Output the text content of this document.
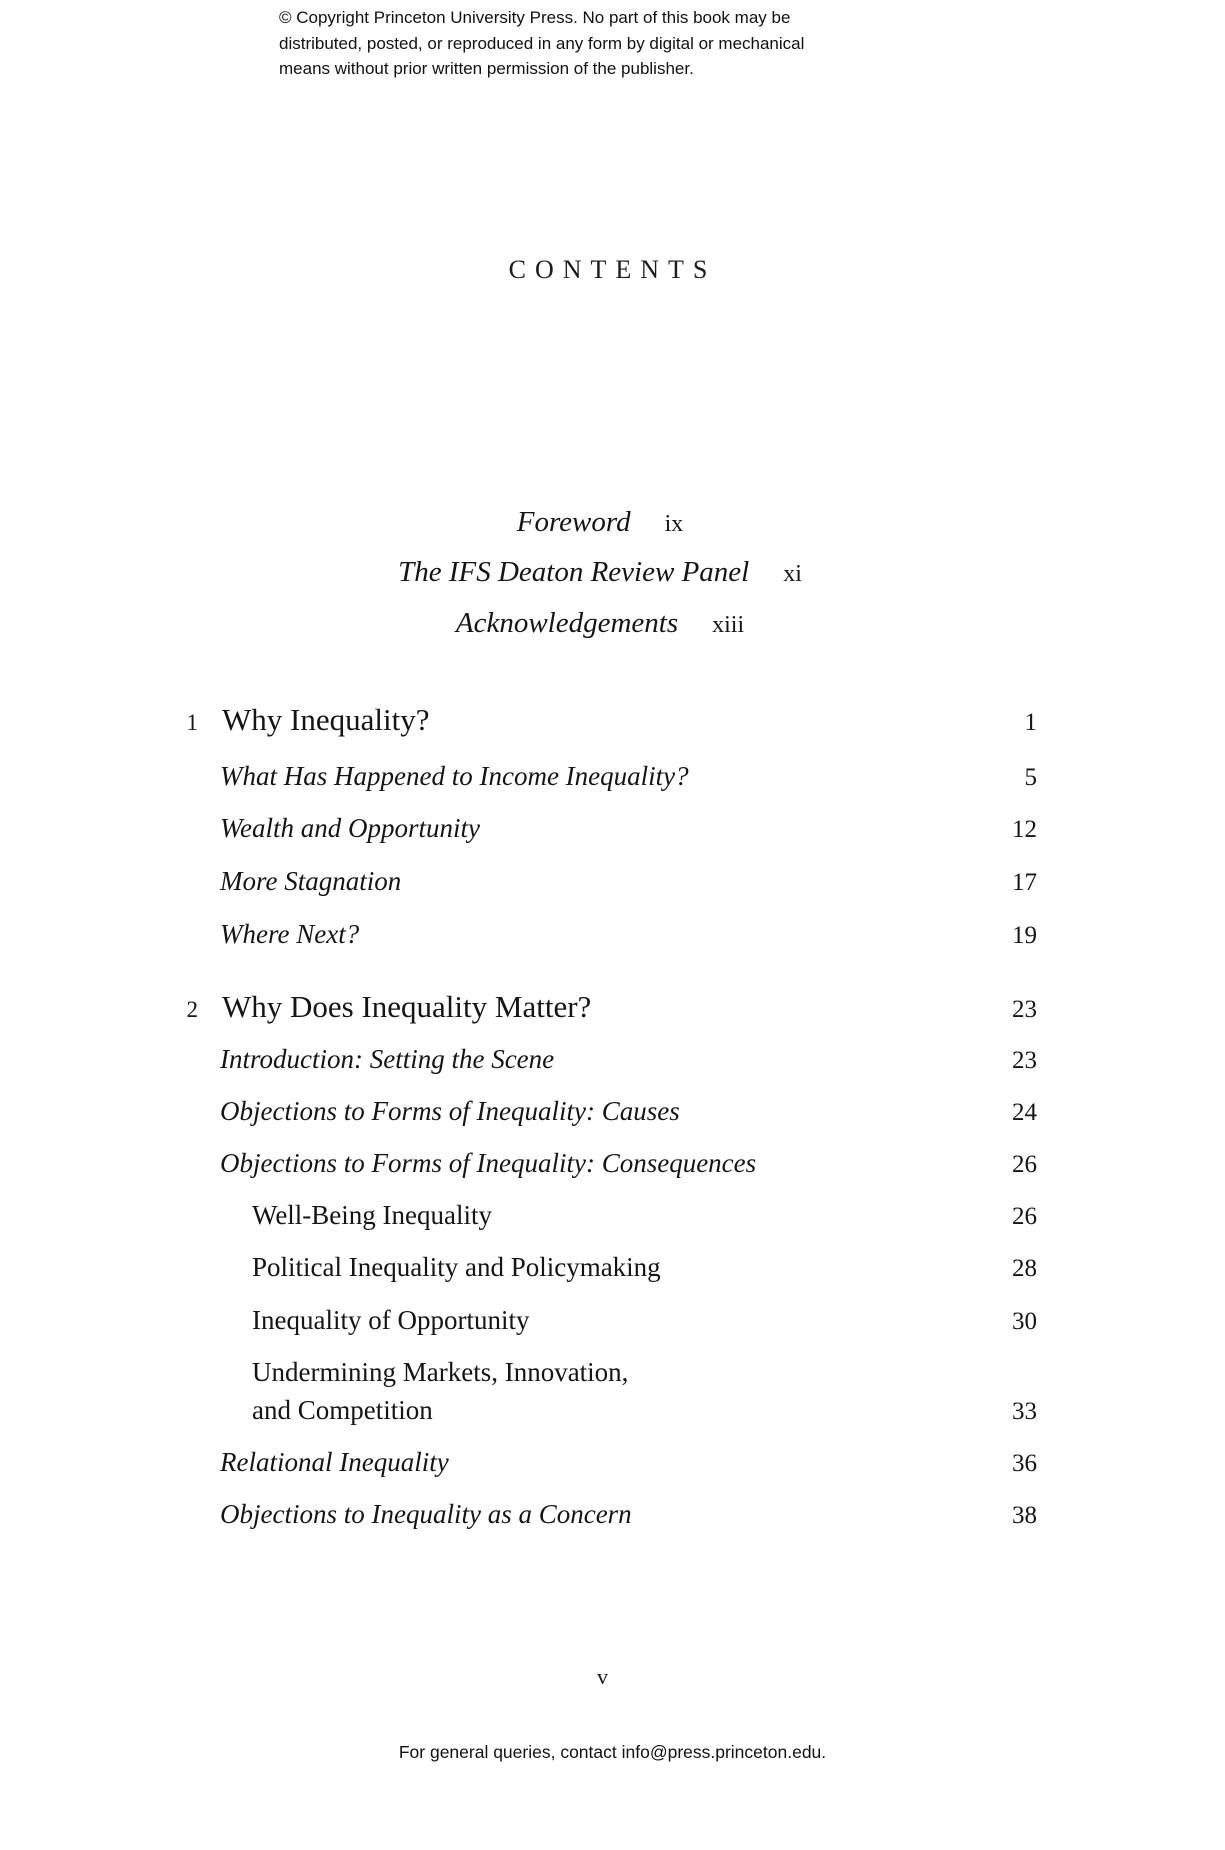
© Copyright Princeton University Press. No part of this book may be
distributed, posted, or reproduced in any form by digital or mechanical
means without prior written permission of the publisher.
CONTENTS
Foreword ix
The IFS Deaton Review Panel xi
Acknowledgements xiii
1 Why Inequality?	1
What Has Happened to Income Inequality?	5
Wealth and Opportunity	12
More Stagnation	17
Where Next?	19
2 Why Does Inequality Matter?	23
Introduction: Setting the Scene	23
Objections to Forms of Inequality: Causes	24
Objections to Forms of Inequality: Consequences	26
Well-Being Inequality	26
Political Inequality and Policymaking	28
Inequality of Opportunity	30
Undermining Markets, Innovation,
and Competition	33
Relational Inequality	36
Objections to Inequality as a Concern	38
v
For general queries, contact info@press.princeton.edu.
